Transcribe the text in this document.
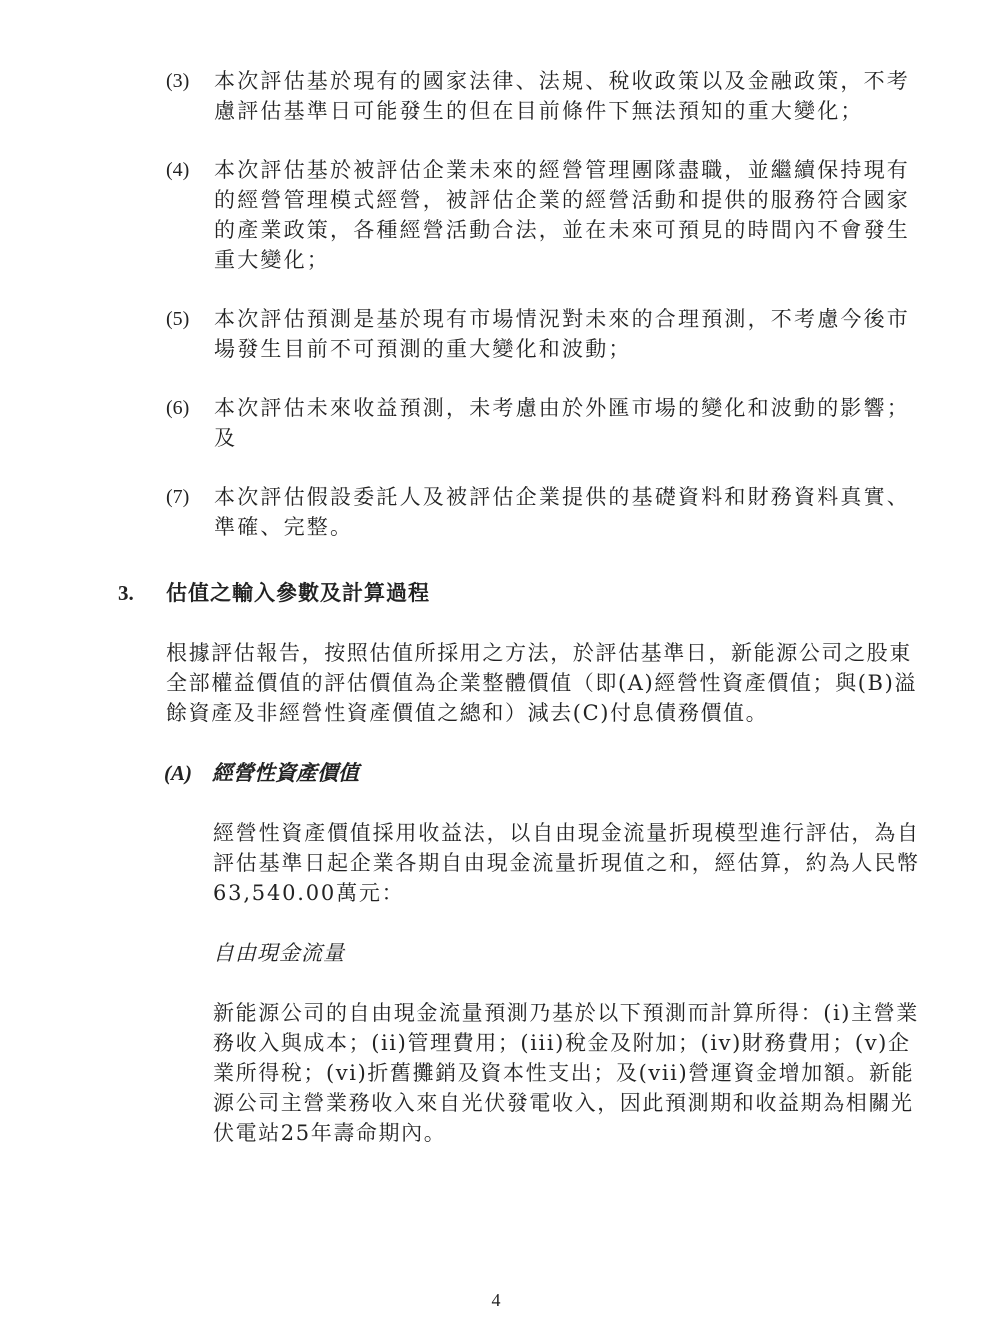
(3) 本次評估基於現有的國家法律、法規、稅收政策以及金融政策，不考慮評估基準日可能發生的但在目前條件下無法預知的重大變化；
(4) 本次評估基於被評估企業未來的經營管理團隊盡職，並繼續保持現有的經營管理模式經營，被評估企業的經營活動和提供的服務符合國家的產業政策，各種經營活動合法，並在未來可預見的時間內不會發生重大變化；
(5) 本次評估預測是基於現有市場情況對未來的合理預測，不考慮今後市場發生目前不可預測的重大變化和波動；
(6) 本次評估未來收益預測，未考慮由於外匯市場的變化和波動的影響；及
(7) 本次評估假設委託人及被評估企業提供的基礎資料和財務資料真實、準確、完整。
3. 估值之輸入參數及計算過程
根據評估報告，按照估值所採用之方法，於評估基準日，新能源公司之股東全部權益價值的評估價值為企業整體價值（即(A)經營性資產價值；與(B)溢餘資產及非經營性資產價值之總和）減去(C)付息債務價值。
(A) 經營性資產價值
經營性資產價值採用收益法，以自由現金流量折現模型進行評估，為自評估基準日起企業各期自由現金流量折現值之和，經估算，約為人民幣63,540.00萬元：
自由現金流量
新能源公司的自由現金流量預測乃基於以下預測而計算所得：(i)主營業務收入與成本；(ii)管理費用；(iii)稅金及附加；(iv)財務費用；(v)企業所得稅；(vi)折舊攤銷及資本性支出；及(vii)營運資金增加額。新能源公司主營業務收入來自光伏發電收入，因此預測期和收益期為相關光伏電站25年壽命期內。
4
